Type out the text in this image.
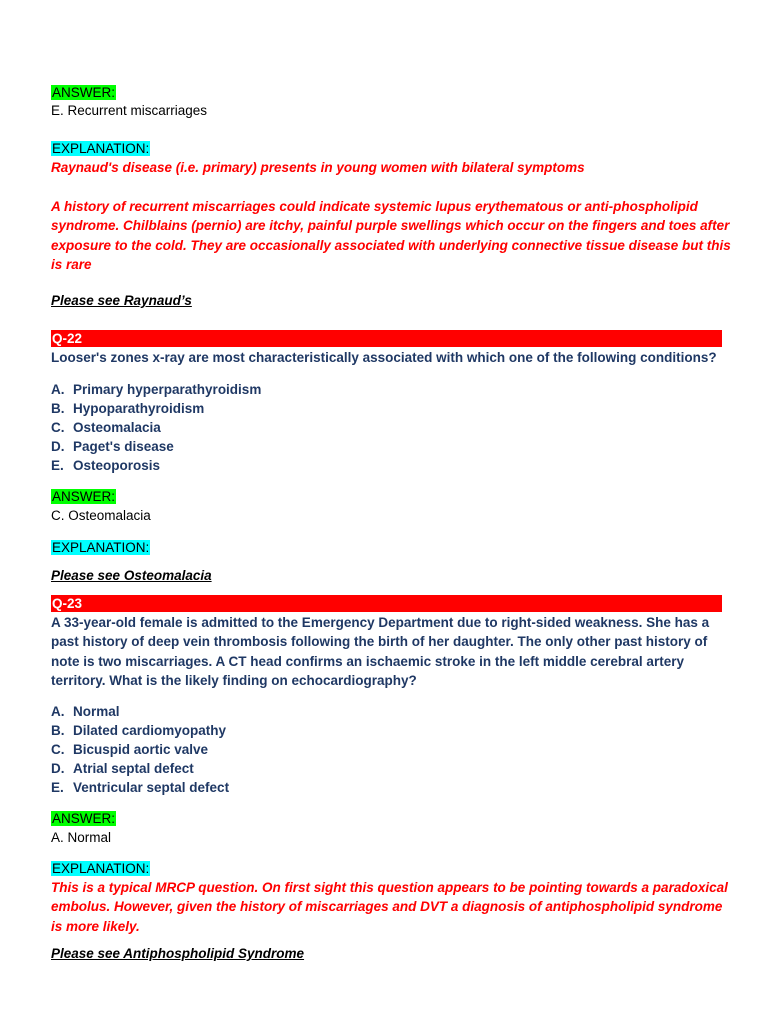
ANSWER:
E. Recurrent miscarriages
EXPLANATION:
Raynaud's disease (i.e. primary) presents in young women with bilateral symptoms
A history of recurrent miscarriages could indicate systemic lupus erythematous or anti-phospholipid syndrome. Chilblains (pernio) are itchy, painful purple swellings which occur on the fingers and toes after exposure to the cold. They are occasionally associated with underlying connective tissue disease but this is rare
Please see Raynaud’s
Q-22
Looser's zones x-ray are most characteristically associated with which one of the following conditions?
A. Primary hyperparathyroidism
B. Hypoparathyroidism
C. Osteomalacia
D. Paget's disease
E. Osteoporosis
ANSWER:
C. Osteomalacia
EXPLANATION:
Please see Osteomalacia
Q-23
A 33-year-old female is admitted to the Emergency Department due to right-sided weakness. She has a past history of deep vein thrombosis following the birth of her daughter. The only other past history of note is two miscarriages. A CT head confirms an ischaemic stroke in the left middle cerebral artery territory. What is the likely finding on echocardiography?
A. Normal
B. Dilated cardiomyopathy
C. Bicuspid aortic valve
D. Atrial septal defect
E. Ventricular septal defect
ANSWER:
A. Normal
EXPLANATION:
This is a typical MRCP question. On first sight this question appears to be pointing towards a paradoxical embolus. However, given the history of miscarriages and DVT a diagnosis of antiphospholipid syndrome is more likely.
Please see Antiphospholipid Syndrome
